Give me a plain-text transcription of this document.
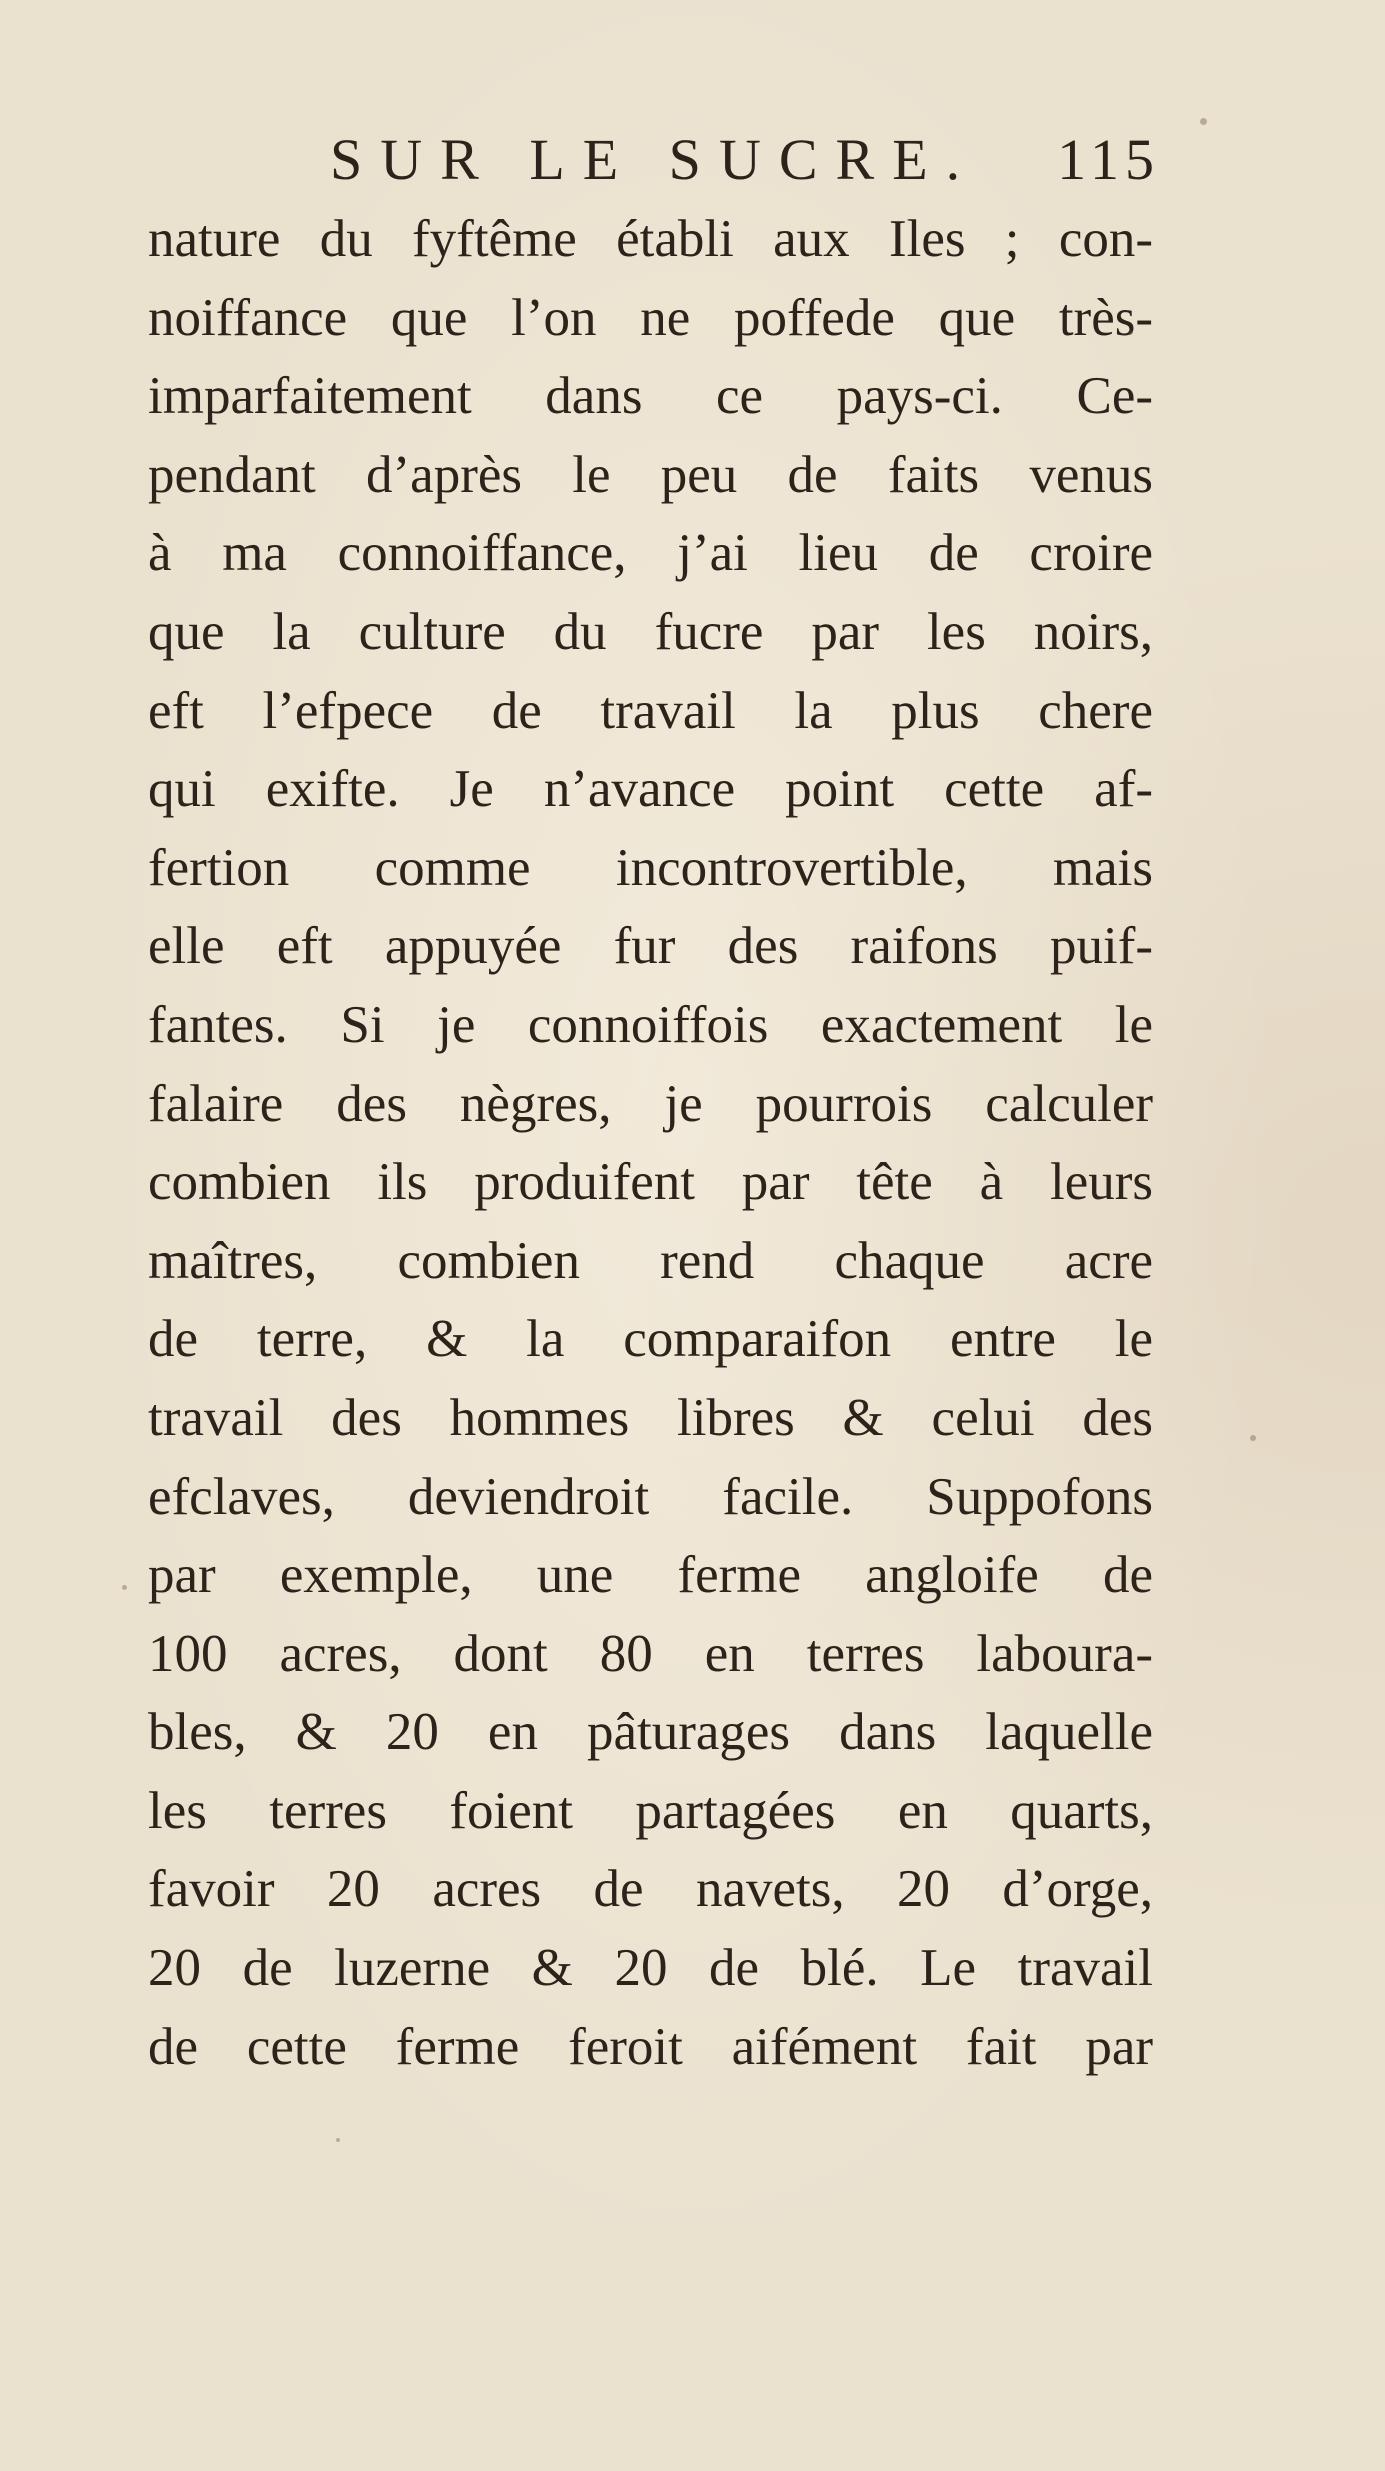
SUR LE SUCRE. 115
nature du fyftême établi aux Iles ; con-
noiffance que l’on ne poffede que très-
imparfaitement dans ce pays-ci. Ce-
pendant d’après le peu de faits venus
à ma connoiffance, j’ai lieu de croire
que la culture du fucre par les noirs,
eft l’efpece de travail la plus chere
qui exifte. Je n’avance point cette af-
fertion comme incontrovertible, mais
elle eft appuyée fur des raifons puif-
fantes. Si je connoiffois exactement le
falaire des nègres, je pourrois calculer
combien ils produifent par tête à leurs
maîtres, combien rend chaque acre
de terre, & la comparaifon entre le
travail des hommes libres & celui des
efclaves, deviendroit facile. Suppofons
par exemple, une ferme angloife de
100 acres, dont 80 en terres laboura-
bles, & 20 en pâturages dans laquelle
les terres foient partagées en quarts,
favoir 20 acres de navets, 20 d’orge,
20 de luzerne & 20 de blé. Le travail
de cette ferme feroit aifément fait par
